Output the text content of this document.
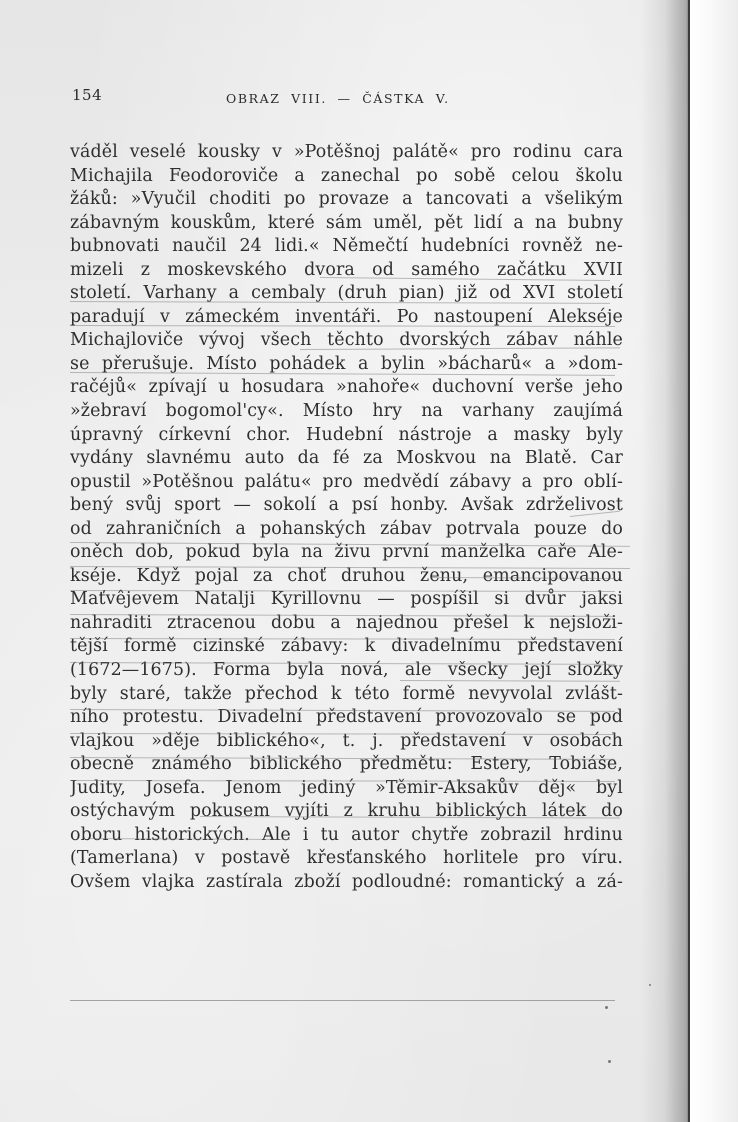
154	OBRAZ VIII. — ČÁSTKA V.
váděl veselé kousky v »Potěšnoj palátě« pro rodinu cara
Michajila Feodoroviče a zanechal po sobě celou školu
žáků: »Vyučil choditi po provaze a tancovati a všelikým
zábavným kouskům, které sám uměl, pět lidí a na bubny
bubnovati naučil 24 lidi.« Němečtí hudebníci rovněž ne-
mizeli z moskevského dvora od samého začátku XVII
století. Varhany a cembaly (druh pian) již od XVI století
paradují v zámeckém inventáři. Po nastoupení Alekséje
Michajloviče vývoj všech těchto dvorských zábav náhle
se přerušuje. Místo pohádek a bylin »bácharů« a »dom-
račéjů« zpívají u hosudara »nahoře« duchovní verše jeho
»žebraví bogomol'cy«. Místo hry na varhany zaujímá
úpravný církevní chor. Hudební nástroje a masky byly
vydány slavnému auto da fé za Moskvou na Blatě. Car
opustil »Potěšnou palátu« pro medvědí zábavy a pro oblí-
bený svůj sport — sokolí a psí honby. Avšak zdrželivost
od zahraničních a pohanských zábav potrvala pouze do
oněch dob, pokud byla na živu první manželka caře Ale-
kséje. Když pojal za choť druhou ženu, emancipovanou
Maťvêjevem Natalji Kyrillovnu — pospíšil si dvůr jaksi
nahraditi ztracenou dobu a najednou přešel k nejsloži-
tější formě cizinské zábavy: k divadelnímu představení
(1672—1675). Forma byla nová, ale všecky její složky
byly staré, takže přechod k této formě nevyvolal zvlášt-
ního protestu. Divadelní představení provozovalo se pod
vlajkou »děje biblického«, t. j. představení v osobách
obecně známého biblického předmětu: Estery, Tobiáše,
Judity, Josefa. Jenom jediný »Těmir-Aksakův děj« byl
ostýchavým pokusem vyjíti z kruhu biblických látek do
oboru historických. Ale i tu autor chytře zobrazil hrdinu
(Tamerlana) v postavě křesťanského horlitele pro víru.
Ovšem vlajka zastírala zboží podloudné: romantický a zá-
